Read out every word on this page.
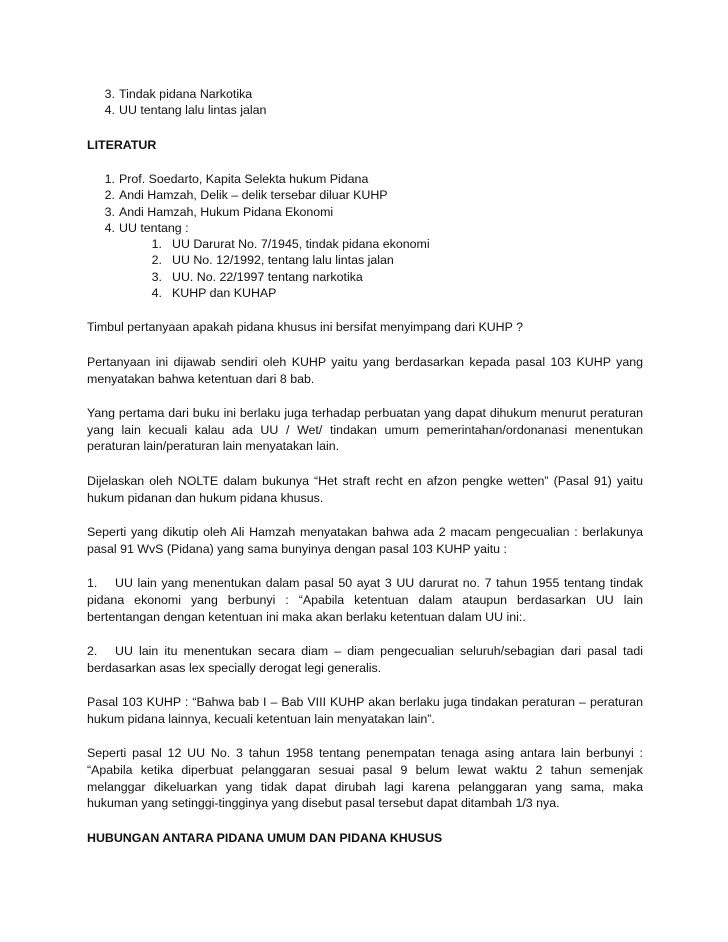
3. Tindak pidana Narkotika
4. UU tentang lalu lintas jalan
LITERATUR
1. Prof. Soedarto, Kapita Selekta hukum Pidana
2. Andi Hamzah, Delik – delik tersebar diluar KUHP
3. Andi Hamzah, Hukum Pidana Ekonomi
4. UU tentang :
1. UU Darurat No. 7/1945, tindak pidana ekonomi
2. UU No. 12/1992, tentang lalu lintas jalan
3. UU. No. 22/1997 tentang narkotika
4. KUHP dan KUHAP

Timbul pertanyaan apakah pidana khusus ini bersifat menyimpang dari KUHP ?

Pertanyaan ini dijawab sendiri oleh KUHP yaitu yang berdasarkan kepada pasal 103 KUHP yang menyatakan bahwa ketentuan dari 8 bab.

Yang pertama dari buku ini berlaku juga terhadap perbuatan yang dapat dihukum menurut peraturan yang lain kecuali kalau ada UU / Wet/ tindakan umum pemerintahan/ordonanasi menentukan peraturan lain/peraturan lain menyatakan lain.

Dijelaskan oleh NOLTE dalam bukunya “Het straft recht en afzon pengke wetten” (Pasal 91) yaitu hukum pidanan dan hukum pidana khusus.

Seperti yang dikutip oleh Ali Hamzah menyatakan bahwa ada 2 macam pengecualian : berlakunya pasal 91 WvS (Pidana) yang sama bunyinya dengan pasal 103 KUHP yaitu :

1. UU lain yang menentukan dalam pasal 50 ayat 3 UU darurat no. 7 tahun 1955 tentang tindak pidana ekonomi yang berbunyi : “Apabila ketentuan dalam ataupun berdasarkan UU lain bertentangan dengan ketentuan ini maka akan berlaku ketentuan dalam UU ini:.

2. UU lain itu menentukan secara diam – diam pengecualian seluruh/sebagian dari pasal tadi berdasarkan asas lex specially derogat legi generalis.

Pasal 103 KUHP : “Bahwa bab I – Bab VIII KUHP akan berlaku juga tindakan peraturan – peraturan hukum pidana lainnya, kecuali ketentuan lain menyatakan lain”.

Seperti pasal 12 UU No. 3 tahun 1958 tentang penempatan tenaga asing antara lain berbunyi : “Apabila ketika diperbuat pelanggaran sesuai pasal 9 belum lewat waktu 2 tahun semenjak melanggar dikeluarkan yang tidak dapat dirubah lagi karena pelanggaran yang sama, maka hukuman yang setinggi-tingginya yang disebut pasal tersebut dapat ditambah 1/3 nya.

HUBUNGAN ANTARA PIDANA UMUM DAN PIDANA KHUSUS
